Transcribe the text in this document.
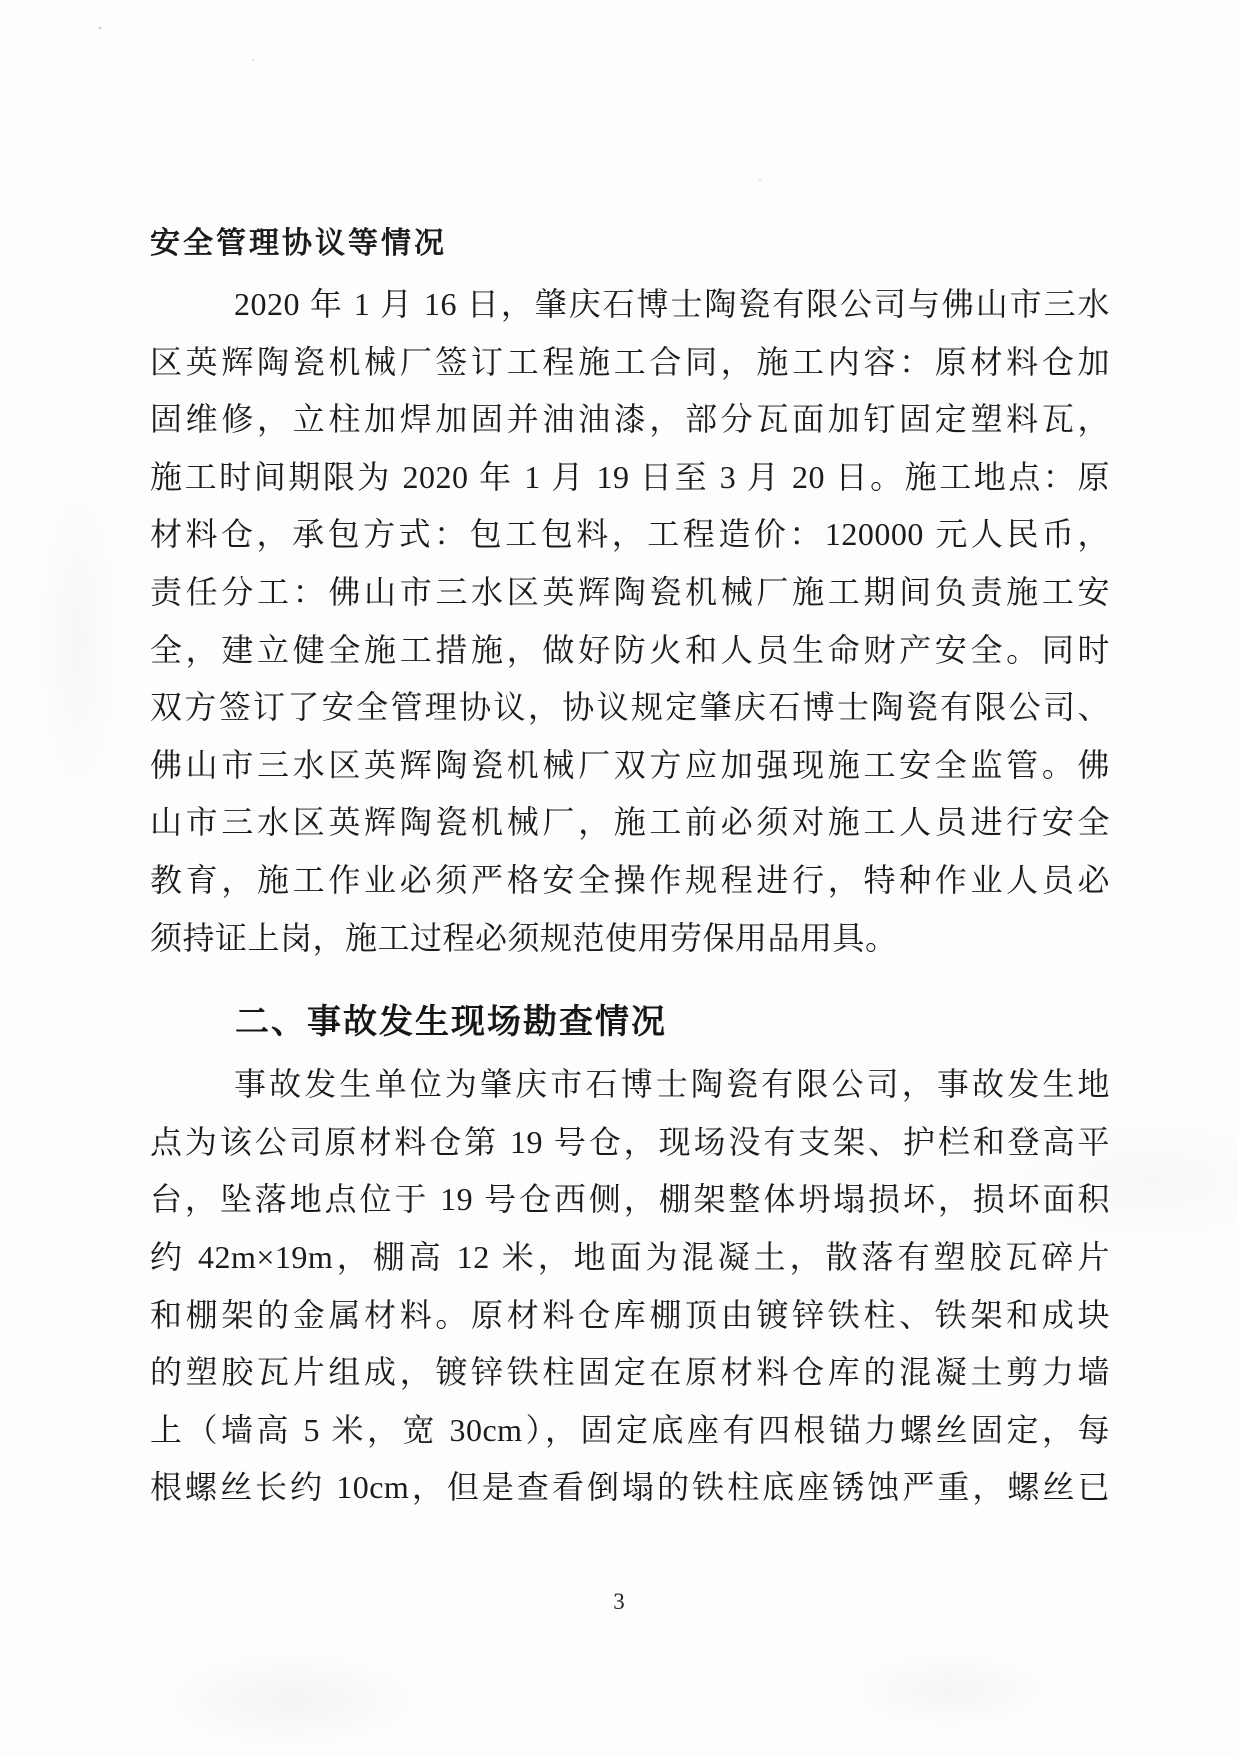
安全管理协议等情况
2020 年 1 月 16 日，肇庆石博士陶瓷有限公司与佛山市三水
区英辉陶瓷机械厂签订工程施工合同，施工内容：原材料仓加
固维修，立柱加焊加固并油油漆，部分瓦面加钉固定塑料瓦，
施工时间期限为 2020 年 1 月 19 日至 3 月 20 日。施工地点：原
材料仓，承包方式：包工包料，工程造价：120000 元人民币，
责任分工：佛山市三水区英辉陶瓷机械厂施工期间负责施工安
全，建立健全施工措施，做好防火和人员生命财产安全。同时
双方签订了安全管理协议，协议规定肇庆石博士陶瓷有限公司、
佛山市三水区英辉陶瓷机械厂双方应加强现施工安全监管。佛
山市三水区英辉陶瓷机械厂，施工前必须对施工人员进行安全
教育，施工作业必须严格安全操作规程进行，特种作业人员必
须持证上岗，施工过程必须规范使用劳保用品用具。
二、事故发生现场勘查情况
事故发生单位为肇庆市石博士陶瓷有限公司，事故发生地
点为该公司原材料仓第 19 号仓，现场没有支架、护栏和登高平
台，坠落地点位于 19 号仓西侧，棚架整体坍塌损坏，损坏面积
约 42m×19m，棚高 12 米，地面为混凝土，散落有塑胶瓦碎片
和棚架的金属材料。原材料仓库棚顶由镀锌铁柱、铁架和成块
的塑胶瓦片组成，镀锌铁柱固定在原材料仓库的混凝土剪力墙
上（墙高 5 米，宽 30cm），固定底座有四根锚力螺丝固定，每
根螺丝长约 10cm，但是查看倒塌的铁柱底座锈蚀严重，螺丝已
3
